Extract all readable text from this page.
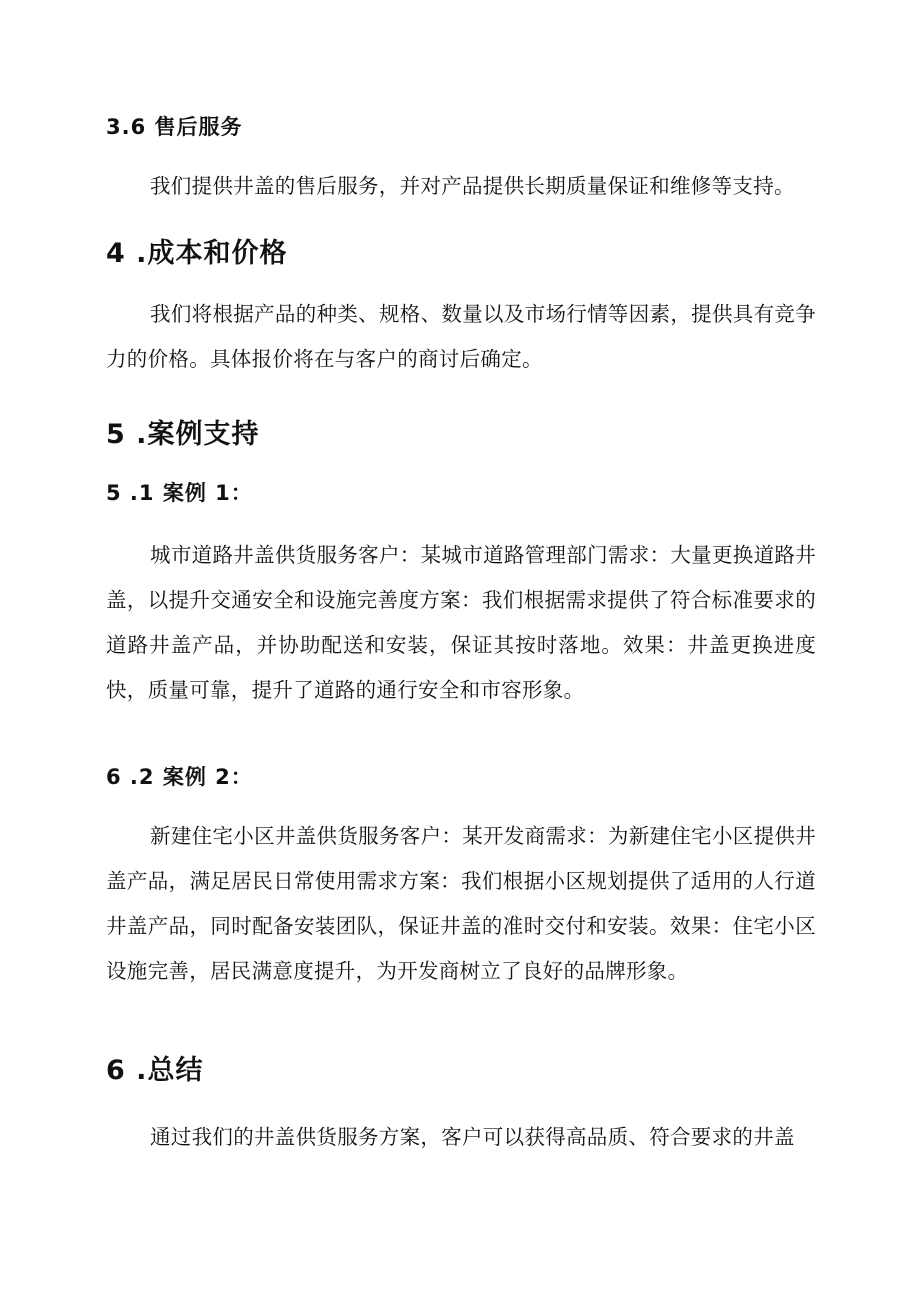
3.6 售后服务

我们提供井盖的售后服务，并对产品提供长期质量保证和维修等支持。

4 .成本和价格

我们将根据产品的种类、规格、数量以及市场行情等因素，提供具有竞争力的价格。具体报价将在与客户的商讨后确定。

5 .案例支持
5 .1 案例 1：

城市道路井盖供货服务客户：某城市道路管理部门需求：大量更换道路井盖，以提升交通安全和设施完善度方案：我们根据需求提供了符合标准要求的道路井盖产品，并协助配送和安装，保证其按时落地。效果：井盖更换进度快，质量可靠，提升了道路的通行安全和市容形象。

6 .2 案例 2：

新建住宅小区井盖供货服务客户：某开发商需求：为新建住宅小区提供井盖产品，满足居民日常使用需求方案：我们根据小区规划提供了适用的人行道井盖产品，同时配备安装团队，保证井盖的准时交付和安装。效果：住宅小区设施完善，居民满意度提升，为开发商树立了良好的品牌形象。

6 .总结

通过我们的井盖供货服务方案，客户可以获得高品质、符合要求的井盖
